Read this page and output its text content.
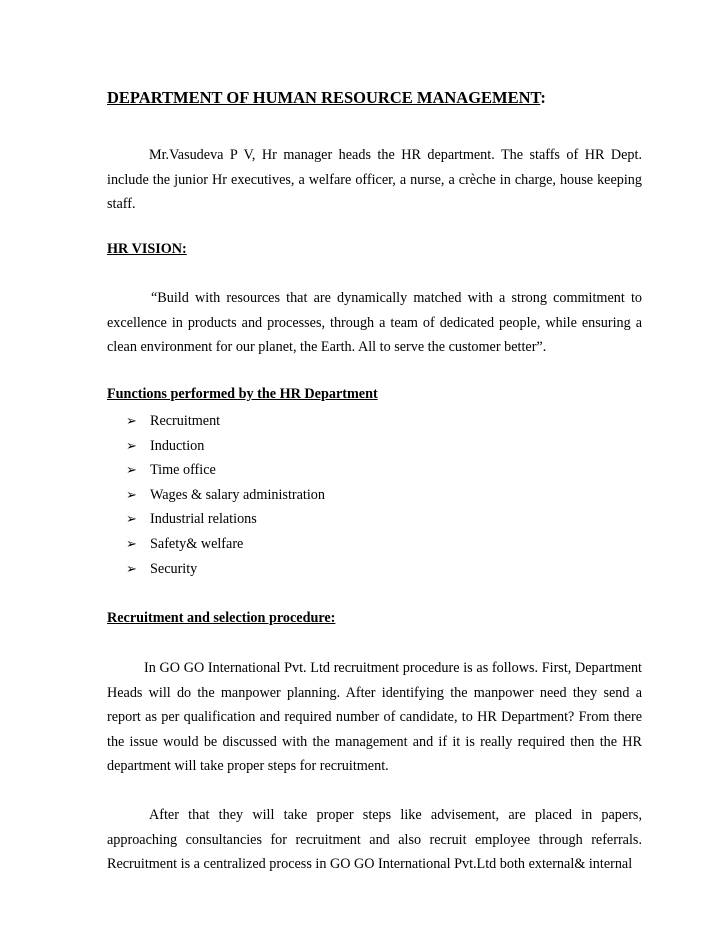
DEPARTMENT OF HUMAN RESOURCE MANAGEMENT:

Mr.Vasudeva P V, Hr manager heads the HR department. The staffs of HR Dept. include the junior Hr executives, a welfare officer, a nurse, a crèche in charge, house keeping staff.

HR VISION:

“Build with resources that are dynamically matched with a strong commitment to excellence in products and processes, through a team of dedicated people, while ensuring a clean environment for our planet, the Earth. All to serve the customer better”.

Functions performed by the HR Department
➢ Recruitment
➢ Induction
➢ Time office
➢ Wages & salary administration
➢ Industrial relations
➢ Safety& welfare
➢ Security
Recruitment and selection procedure:

In GO GO International Pvt. Ltd recruitment procedure is as follows. First, Department Heads will do the manpower planning. After identifying the manpower need they send a report as per qualification and required number of candidate, to HR Department? From there the issue would be discussed with the management and if it is really required then the HR department will take proper steps for recruitment.

After that they will take proper steps like advisement, are placed in papers, approaching consultancies for recruitment and also recruit employee through referrals. Recruitment is a centralized process in GO GO International Pvt.Ltd both external& internal
